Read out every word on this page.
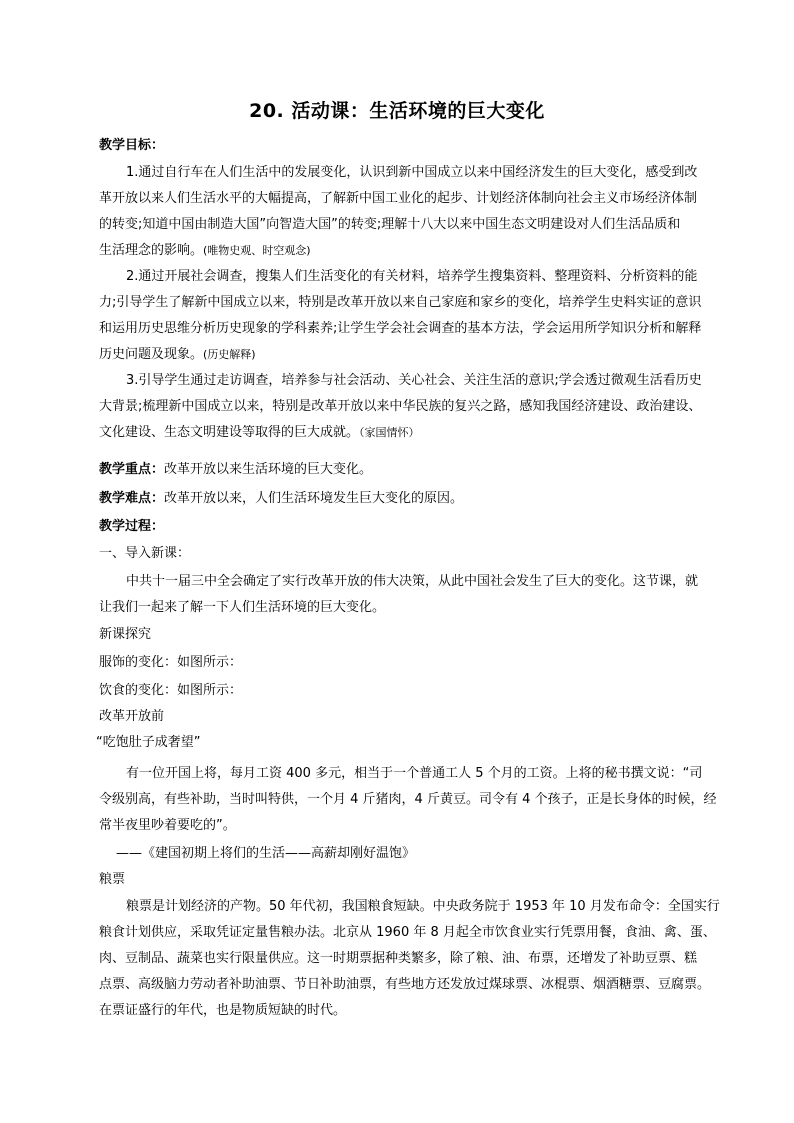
20. 活动课：生活环境的巨大变化
教学目标：
1.通过自行车在人们生活中的发展变化，认识到新中国成立以来中国经济发生的巨大变化，感受到改
革开放以来人们生活水平的大幅提高，了解新中国工业化的起步、计划经济体制向社会主义市场经济体制
的转变;知道中国由制造大国”向智造大国”的转变;理解十八大以来中国生态文明建设对人们生活品质和
生活理念的影响。(唯物史观、时空观念)
2.通过开展社会调查，搜集人们生活变化的有关材料，培养学生搜集资料、整理资料、分析资料的能
力;引导学生了解新中国成立以来，特别是改革开放以来自己家庭和家乡的变化，培养学生史料实证的意识
和运用历史思维分析历史现象的学科素养;让学生学会社会调查的基本方法，学会运用所学知识分析和解释
历史问题及现象。(历史解释)
3.引导学生通过走访调查，培养参与社会活动、关心社会、关注生活的意识;学会透过微观生活看历史
大背景;梳理新中国成立以来，特别是改革开放以来中华民族的复兴之路，感知我国经济建设、政治建设、
文化建设、生态文明建设等取得的巨大成就。（家国情怀）
教学重点：改革开放以来生活环境的巨大变化。
教学难点：改革开放以来，人们生活环境发生巨大变化的原因。
教学过程：
一、导入新课：
中共十一届三中全会确定了实行改革开放的伟大决策，从此中国社会发生了巨大的变化。这节课，就
让我们一起来了解一下人们生活环境的巨大变化。
新课探究
服饰的变化：如图所示：
饮食的变化：如图所示：
改革开放前
“吃饱肚子成奢望”
有一位开国上将，每月工资 400 多元，相当于一个普通工人 5 个月的工资。上将的秘书撰文说：“司
令级别高，有些补助，当时叫特供，一个月 4 斤猪肉，4 斤黄豆。司令有 4 个孩子，正是长身体的时候，经
常半夜里吵着要吃的”。
——《建国初期上将们的生活——高薪却刚好温饱》
粮票
粮票是计划经济的产物。50 年代初，我国粮食短缺。中央政务院于 1953 年 10 月发布命令：全国实行
粮食计划供应，采取凭证定量售粮办法。北京从 1960 年 8 月起全市饮食业实行凭票用餐，食油、禽、蛋、
肉、豆制品、蔬菜也实行限量供应。这一时期票据种类繁多，除了粮、油、布票，还增发了补助豆票、糕
点票、高级脑力劳动者补助油票、节日补助油票，有些地方还发放过煤球票、冰棍票、烟酒糖票、豆腐票。
在票证盛行的年代，也是物质短缺的时代。
